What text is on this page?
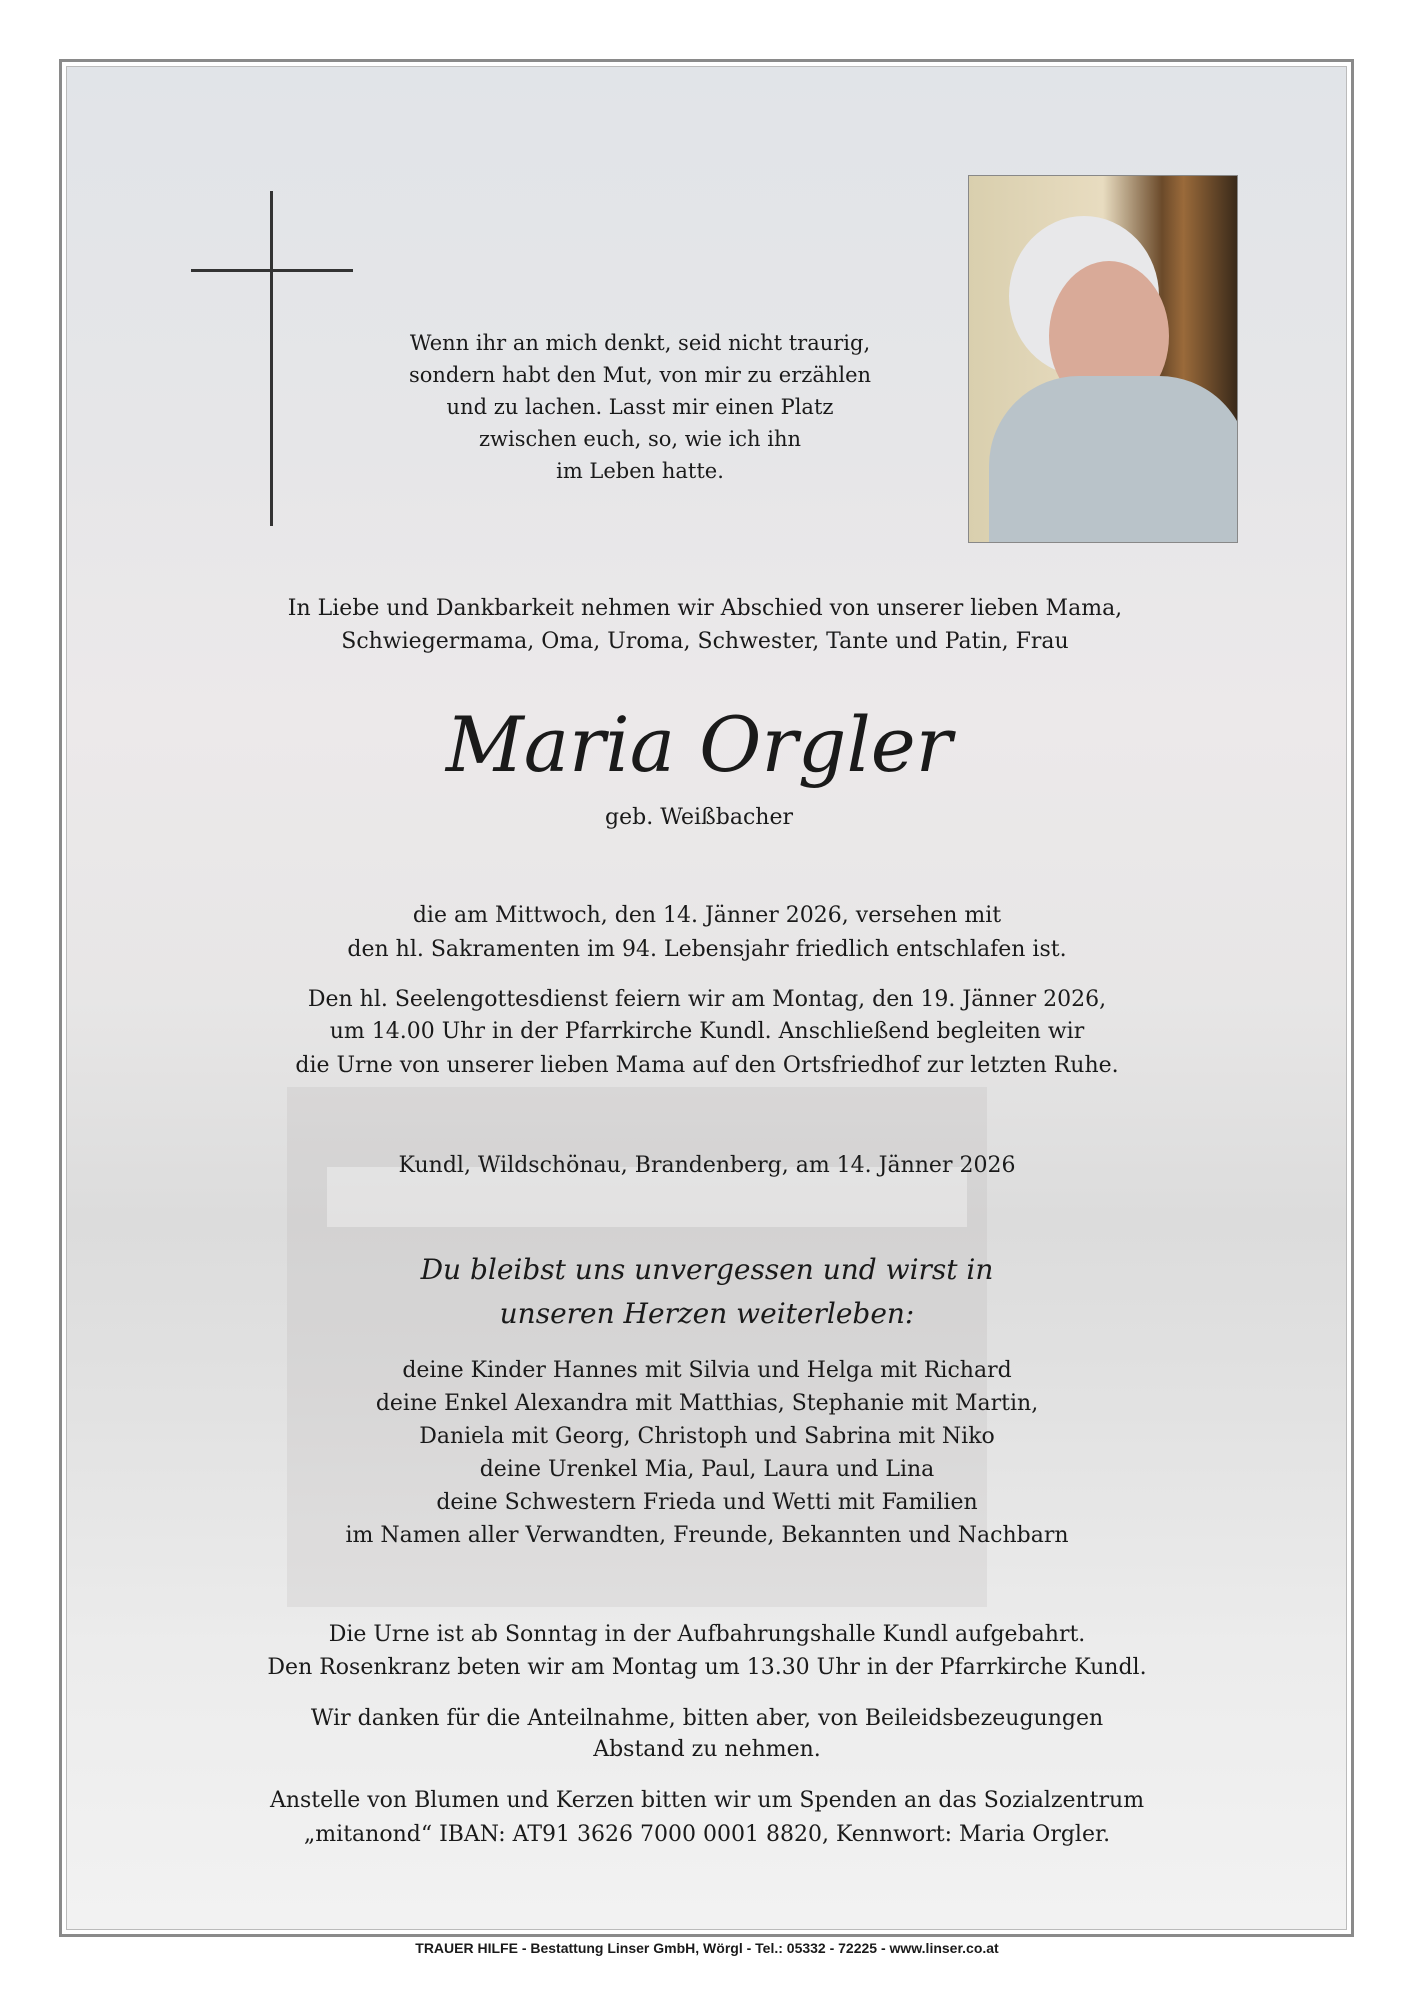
Wenn ihr an mich denkt, seid nicht traurig,
sondern habt den Mut, von mir zu erzählen
und zu lachen. Lasst mir einen Platz
zwischen euch, so, wie ich ihn
im Leben hatte.
In Liebe und Dankbarkeit nehmen wir Abschied von unserer lieben Mama,
Schwiegermama, Oma, Uroma, Schwester, Tante und Patin, Frau
Maria Orgler
geb. Weißbacher
die am Mittwoch, den 14. Jänner 2026, versehen mit
den hl. Sakramenten im 94. Lebensjahr friedlich entschlafen ist.
Den hl. Seelengottesdienst feiern wir am Montag, den 19. Jänner 2026,
um 14.00 Uhr in der Pfarrkirche Kundl. Anschließend begleiten wir
die Urne von unserer lieben Mama auf den Ortsfriedhof zur letzten Ruhe.
Kundl, Wildschönau, Brandenberg, am 14. Jänner 2026
Du bleibst uns unvergessen und wirst in
unseren Herzen weiterleben:
deine Kinder Hannes mit Silvia und Helga mit Richard
deine Enkel Alexandra mit Matthias, Stephanie mit Martin,
Daniela mit Georg, Christoph und Sabrina mit Niko
deine Urenkel Mia, Paul, Laura und Lina
deine Schwestern Frieda und Wetti mit Familien
im Namen aller Verwandten, Freunde, Bekannten und Nachbarn
Die Urne ist ab Sonntag in der Aufbahrungshalle Kundl aufgebahrt.
Den Rosenkranz beten wir am Montag um 13.30 Uhr in der Pfarrkirche Kundl.
Wir danken für die Anteilnahme, bitten aber, von Beileidsbezeugungen
Abstand zu nehmen.
Anstelle von Blumen und Kerzen bitten wir um Spenden an das Sozialzentrum
„mitanond“ IBAN: AT91 3626 7000 0001 8820, Kennwort: Maria Orgler.
TRAUER HILFE - Bestattung Linser GmbH, Wörgl - Tel.: 05332 - 72225 - www.linser.co.at
